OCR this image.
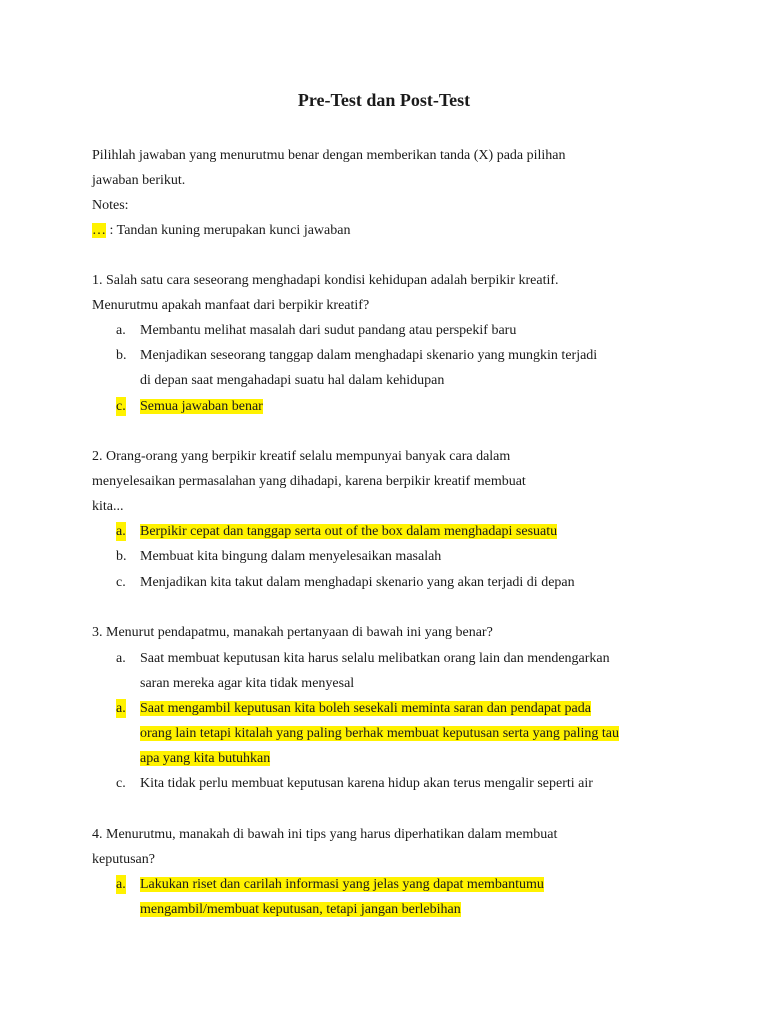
Pre-Test dan Post-Test
Pilihlah jawaban yang menurutmu benar dengan memberikan tanda (X) pada pilihan
jawaban berikut.
Notes:
… : Tandan kuning merupakan kunci jawaban
1. Salah satu cara seseorang menghadapi kondisi kehidupan adalah berpikir kreatif.
Menurutmu apakah manfaat dari berpikir kreatif?
a. Membantu melihat masalah dari sudut pandang atau perspekif baru
b. Menjadikan seseorang tanggap dalam menghadapi skenario yang mungkin terjadi
di depan saat mengahadapi suatu hal dalam kehidupan
c. Semua jawaban benar
2. Orang-orang yang berpikir kreatif selalu mempunyai banyak cara dalam
menyelesaikan permasalahan yang dihadapi, karena berpikir kreatif membuat
kita...
a. Berpikir cepat dan tanggap serta out of the box dalam menghadapi sesuatu
b. Membuat kita bingung dalam menyelesaikan masalah
c. Menjadikan kita takut dalam menghadapi skenario yang akan terjadi di depan
3. Menurut pendapatmu, manakah pertanyaan di bawah ini yang benar?
a. Saat membuat keputusan kita harus selalu melibatkan orang lain dan mendengarkan
saran mereka agar kita tidak menyesal
a. Saat mengambil keputusan kita boleh sesekali meminta saran dan pendapat pada
orang lain tetapi kitalah yang paling berhak membuat keputusan serta yang paling tau
apa yang kita butuhkan
c. Kita tidak perlu membuat keputusan karena hidup akan terus mengalir seperti air
4. Menurutmu, manakah di bawah ini tips yang harus diperhatikan dalam membuat
keputusan?
a. Lakukan riset dan carilah informasi yang jelas yang dapat membantumu
mengambil/membuat keputusan, tetapi jangan berlebihan
